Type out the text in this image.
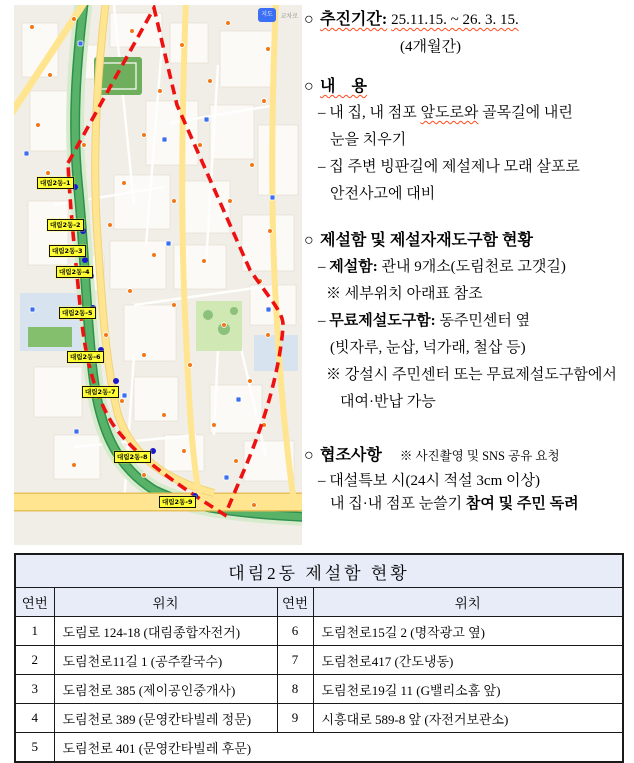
지도	교차로
대림2동-1
대림2동-2
대림2동-3
대림2동-4
대림2동-5
대림2동-6
대림2동-7
대림2동-8
대림2동-9
○ 추진기간: 25.11.15. ~ 26. 3. 15.
(4개월간)
○ 내    용
– 내 집, 내 점포 앞도로와 골목길에 내린
눈을 치우기
– 집 주변 빙판길에 제설제나 모래 살포로
안전사고에 대비
○ 제설함 및 제설자재도구함 현황
– 제설함: 관내 9개소(도림천로 고갯길)
※ 세부위치 아래표 참조
– 무료제설도구함: 동주민센터 옆
(빗자루, 눈삽, 넉가래, 철삽 등)
※ 강설시 주민센터 또는 무료제설도구함에서
대여·반납 가능
○ 협조사항 ※ 사진촬영 및 SNS 공유 요청
– 대설특보 시(24시 적설 3cm 이상)
내 집·내 점포 눈쓸기 참여 및 주민 독려
대림2동 제설함 현황			
연번	위치	연번	위치
1	도림로 124-18 (대림종합자전거)	6	도림천로15길 2 (명작광고 옆)
2	도림천로11길 1 (공주칼국수)	7	도림천로417 (간도냉동)
3	도림천로 385 (제이공인중개사)	8	도림천로19길 11 (G밸리소홈 앞)
4	도림천로 389 (문영칸타빌레 정문)	9	시흥대로 589-8 앞 (자전거보관소)
5	도림천로 401 (문영칸타빌레 후문)		
